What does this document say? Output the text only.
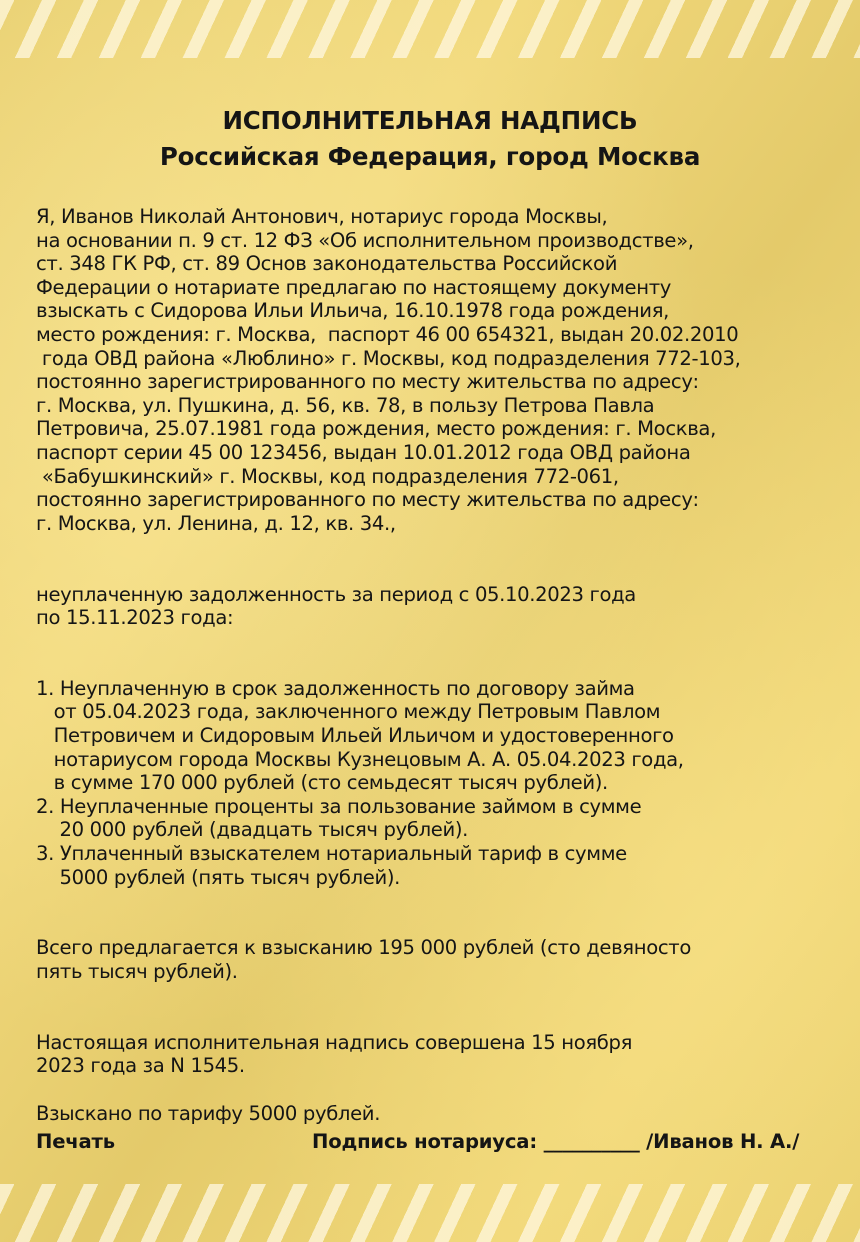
ИСПОЛНИТЕЛЬНАЯ НАДПИСЬ
Российская Федерация, город Москва
Я, Иванов Николай Антонович, нотариус города Москвы,
на основании п. 9 ст. 12 ФЗ «Об исполнительном производстве»,
ст. 348 ГК РФ, ст. 89 Основ законодательства Российской
Федерации о нотариате предлагаю по настоящему документу
взыскать с Сидорова Ильи Ильича, 16.10.1978 года рождения,
место рождения: г. Москва,  паспорт 46 00 654321, выдан 20.02.2010
года ОВД района «Люблино» г. Москвы, код подразделения 772-103,
постоянно зарегистрированного по месту жительства по адресу:
г. Москва, ул. Пушкина, д. 56, кв. 78, в пользу Петрова Павла
Петровича, 25.07.1981 года рождения, место рождения: г. Москва,
паспорт серии 45 00 123456, выдан 10.01.2012 года ОВД района
«Бабушкинский» г. Москвы, код подразделения 772-061,
постоянно зарегистрированного по месту жительства по адресу:
г. Москва, ул. Ленина, д. 12, кв. 34.,
неуплаченную задолженность за период с 05.10.2023 года
по 15.11.2023 года:
1. Неуплаченную в срок задолженность по договору займа
от 05.04.2023 года, заключенного между Петровым Павлом
Петровичем и Сидоровым Ильей Ильичом и удостоверенного
нотариусом города Москвы Кузнецовым А. А. 05.04.2023 года,
в сумме 170 000 рублей (сто семьдесят тысяч рублей).
2. Неуплаченные проценты за пользование займом в сумме
20 000 рублей (двадцать тысяч рублей).
3. Уплаченный взыскателем нотариальный тариф в сумме
5000 рублей (пять тысяч рублей).
Всего предлагается к взысканию 195 000 рублей (сто девяносто
пять тысяч рублей).
Настоящая исполнительная надпись совершена 15 ноября
2023 года за N 1545.
Взыскано по тарифу 5000 рублей.
Печать	Подпись нотариуса: __________ /Иванов Н. А./
